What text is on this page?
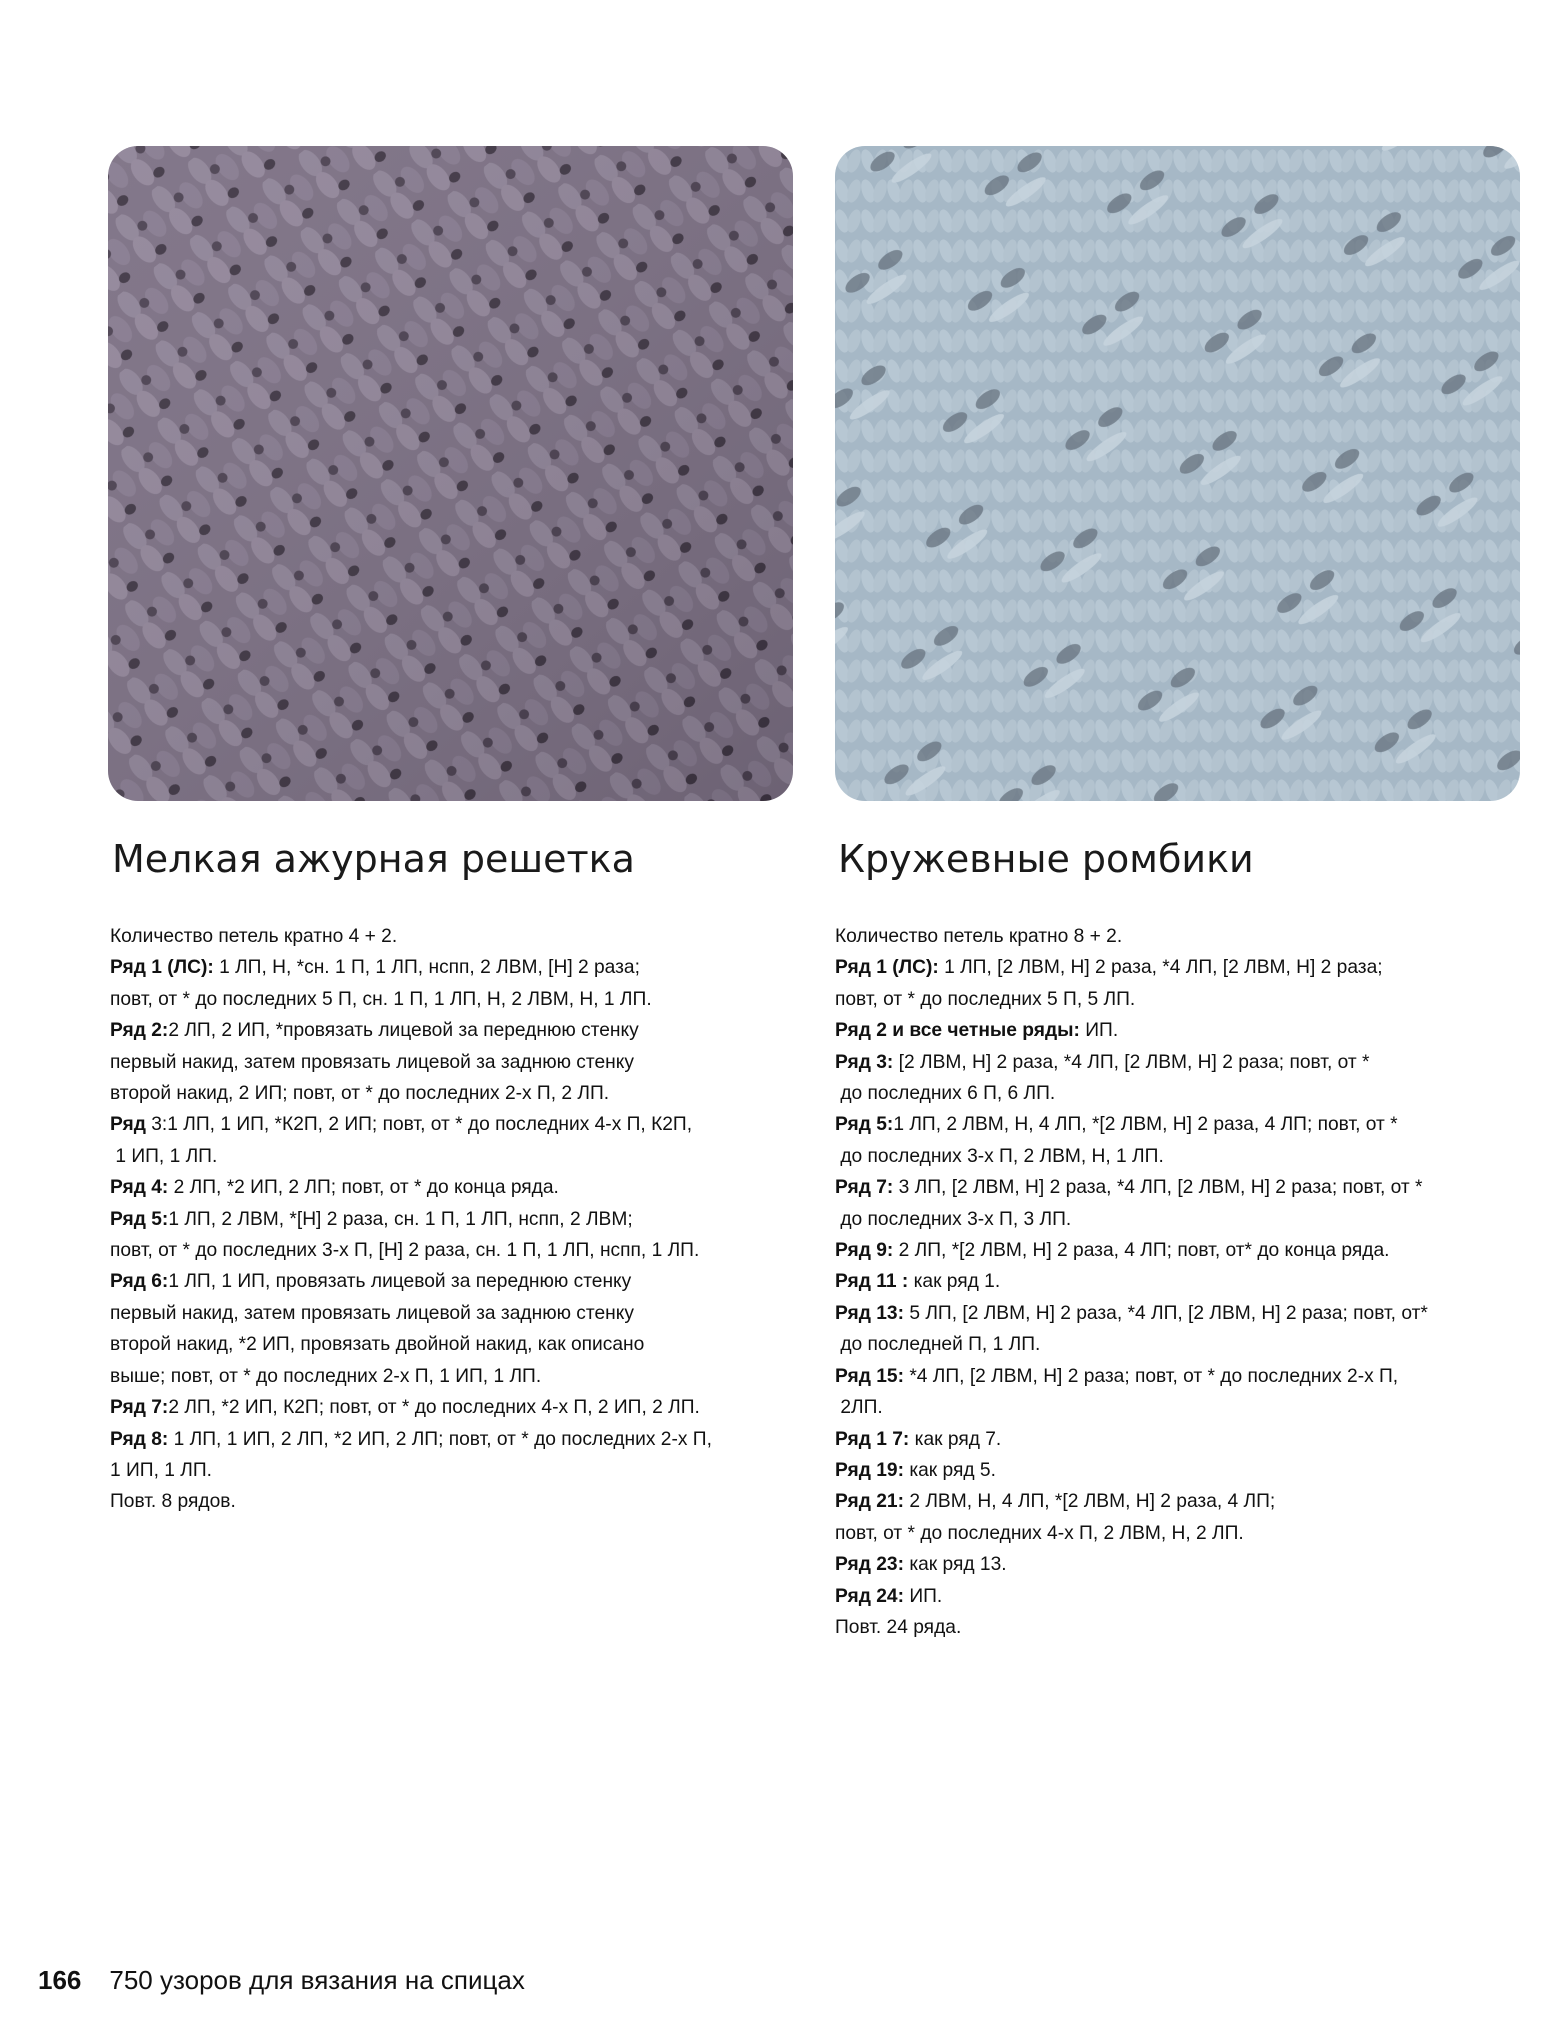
Мелкая ажурная решетка	Кружевные ромбики
Количество петель кратно 4 + 2.
Ряд 1 (ЛС): 1 ЛП, Н, *сн. 1 П, 1 ЛП, нспп, 2 ЛВМ, [Н] 2 раза;
повт, от * до последних 5 П, сн. 1 П, 1 ЛП, Н, 2 ЛВМ, Н, 1 ЛП.
Ряд 2:2 ЛП, 2 ИП, *провязать лицевой за переднюю стенку
первый накид, затем провязать лицевой за заднюю стенку
второй накид, 2 ИП; повт, от * до последних 2-х П, 2 ЛП.
Ряд 3:1 ЛП, 1 ИП, *К2П, 2 ИП; повт, от * до последних 4-х П, К2П,
1 ИП, 1 ЛП.
Ряд 4: 2 ЛП, *2 ИП, 2 ЛП; повт, от * до конца ряда.
Ряд 5:1 ЛП, 2 ЛВМ, *[Н] 2 раза, сн. 1 П, 1 ЛП, нспп, 2 ЛВМ;
повт, от * до последних 3-х П, [Н] 2 раза, сн. 1 П, 1 ЛП, нспп, 1 ЛП.
Ряд 6:1 ЛП, 1 ИП, провязать лицевой за переднюю стенку
первый накид, затем провязать лицевой за заднюю стенку
второй накид, *2 ИП, провязать двойной накид, как описано
выше; повт, от * до последних 2-х П, 1 ИП, 1 ЛП.
Ряд 7:2 ЛП, *2 ИП, К2П; повт, от * до последних 4-х П, 2 ИП, 2 ЛП.
Ряд 8: 1 ЛП, 1 ИП, 2 ЛП, *2 ИП, 2 ЛП; повт, от * до последних 2-х П,
1 ИП, 1 ЛП.
Повт. 8 рядов.
Количество петель кратно 8 + 2.
Ряд 1 (ЛС): 1 ЛП, [2 ЛВМ, Н] 2 раза, *4 ЛП, [2 ЛВМ, Н] 2 раза;
повт, от * до последних 5 П, 5 ЛП.
Ряд 2 и все четные ряды: ИП.
Ряд 3: [2 ЛВМ, Н] 2 раза, *4 ЛП, [2 ЛВМ, Н] 2 раза; повт, от *
до последних 6 П, 6 ЛП.
Ряд 5:1 ЛП, 2 ЛВМ, Н, 4 ЛП, *[2 ЛВМ, Н] 2 раза, 4 ЛП; повт, от *
до последних 3-х П, 2 ЛВМ, Н, 1 ЛП.
Ряд 7: 3 ЛП, [2 ЛВМ, Н] 2 раза, *4 ЛП, [2 ЛВМ, Н] 2 раза; повт, от *
до последних 3-х П, 3 ЛП.
Ряд 9: 2 ЛП, *[2 ЛВМ, Н] 2 раза, 4 ЛП; повт, от* до конца ряда.
Ряд 11 : как ряд 1.
Ряд 13: 5 ЛП, [2 ЛВМ, Н] 2 раза, *4 ЛП, [2 ЛВМ, Н] 2 раза; повт, от*
до последней П, 1 ЛП.
Ряд 15: *4 ЛП, [2 ЛВМ, Н] 2 раза; повт, от * до последних 2-х П,
2ЛП.
Ряд 1 7: как ряд 7.
Ряд 19: как ряд 5.
Ряд 21: 2 ЛВМ, Н, 4 ЛП, *[2 ЛВМ, Н] 2 раза, 4 ЛП;
повт, от * до последних 4-х П, 2 ЛВМ, Н, 2 ЛП.
Ряд 23: как ряд 13.
Ряд 24: ИП.
Повт. 24 ряда.
166 750 узоров для вязания на спицах
